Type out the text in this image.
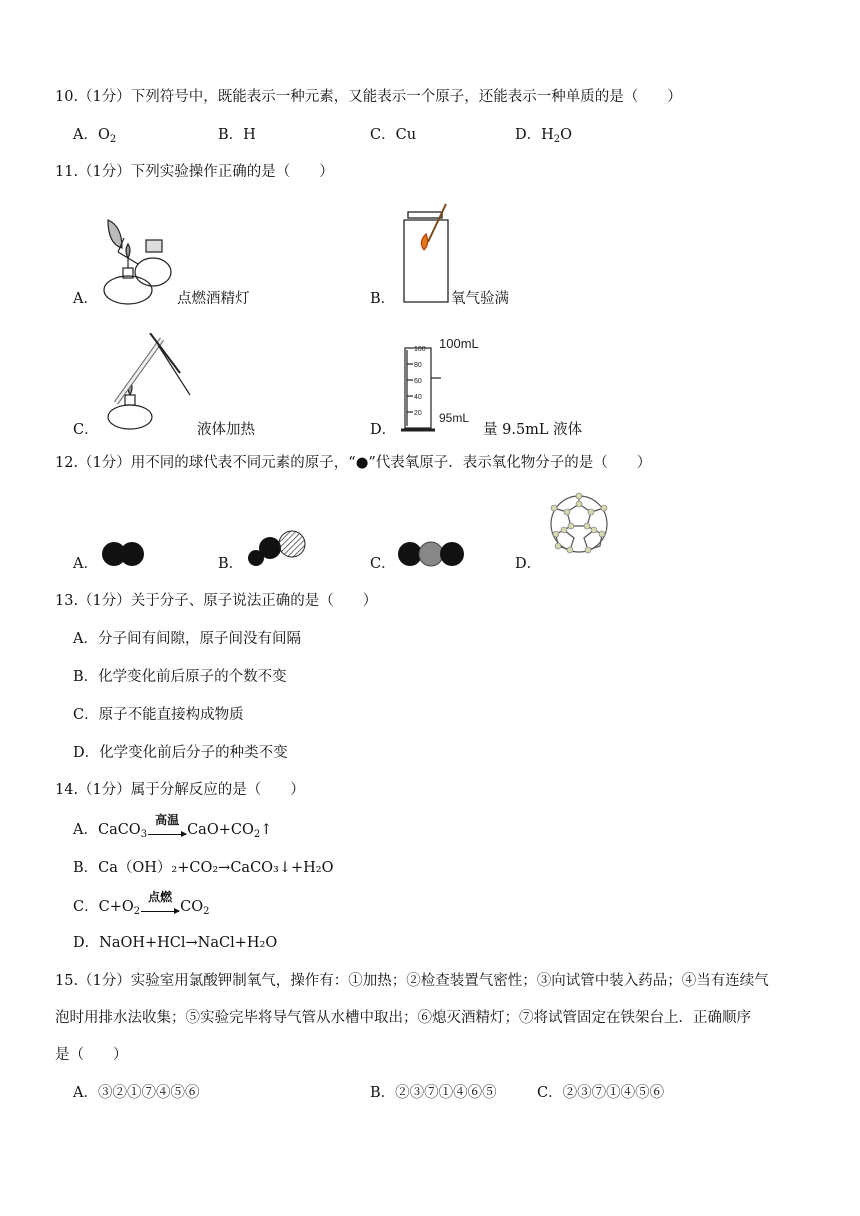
10.（1分）下列符号中，既能表示一种元素，又能表示一个原子，还能表示一种单质的是（　　）
A．$O_2$	B．H	C．Cu	D．$H_2O$
11.（1分）下列实验操作正确的是（　　）
A．	点燃酒精灯	B．	氧气验满
C．	液体加热	D．
100
80
60
40
20
100mL
95mL
量 9.5mL 液体
12.（1分）用不同的球代表不同元素的原子，“●”代表氧原子．表示氧化物分子的是（　　）
A．	B．	C．	D．
13.（1分）关于分子、原子说法正确的是（　　）
A．分子间有间隙，原子间没有间隔
B．化学变化前后原子的个数不变
C．原子不能直接构成物质
D．化学变化前后分子的种类不变
14.（1分）属于分解反应的是（　　）
A．CaCO$_3$
高温
$CaO+CO_2↑$
B．Ca（OH）₂+CO₂→CaCO₃↓+H₂O
C．$C+O_2$
点燃
$CO_2$
D．NaOH+HCl→NaCl+H₂O
15.（1分）实验室用氯酸钾制氧气，操作有：①加热；②检查装置气密性；③向试管中装入药品；④当有连续气
泡时用排水法收集；⑤实验完毕将导气管从水槽中取出；⑥熄灭酒精灯；⑦将试管固定在铁架台上．正确顺序
是（　　）
A．③②①⑦④⑤⑥	B．②③⑦①④⑥⑤	C．②③⑦①④⑤⑥
